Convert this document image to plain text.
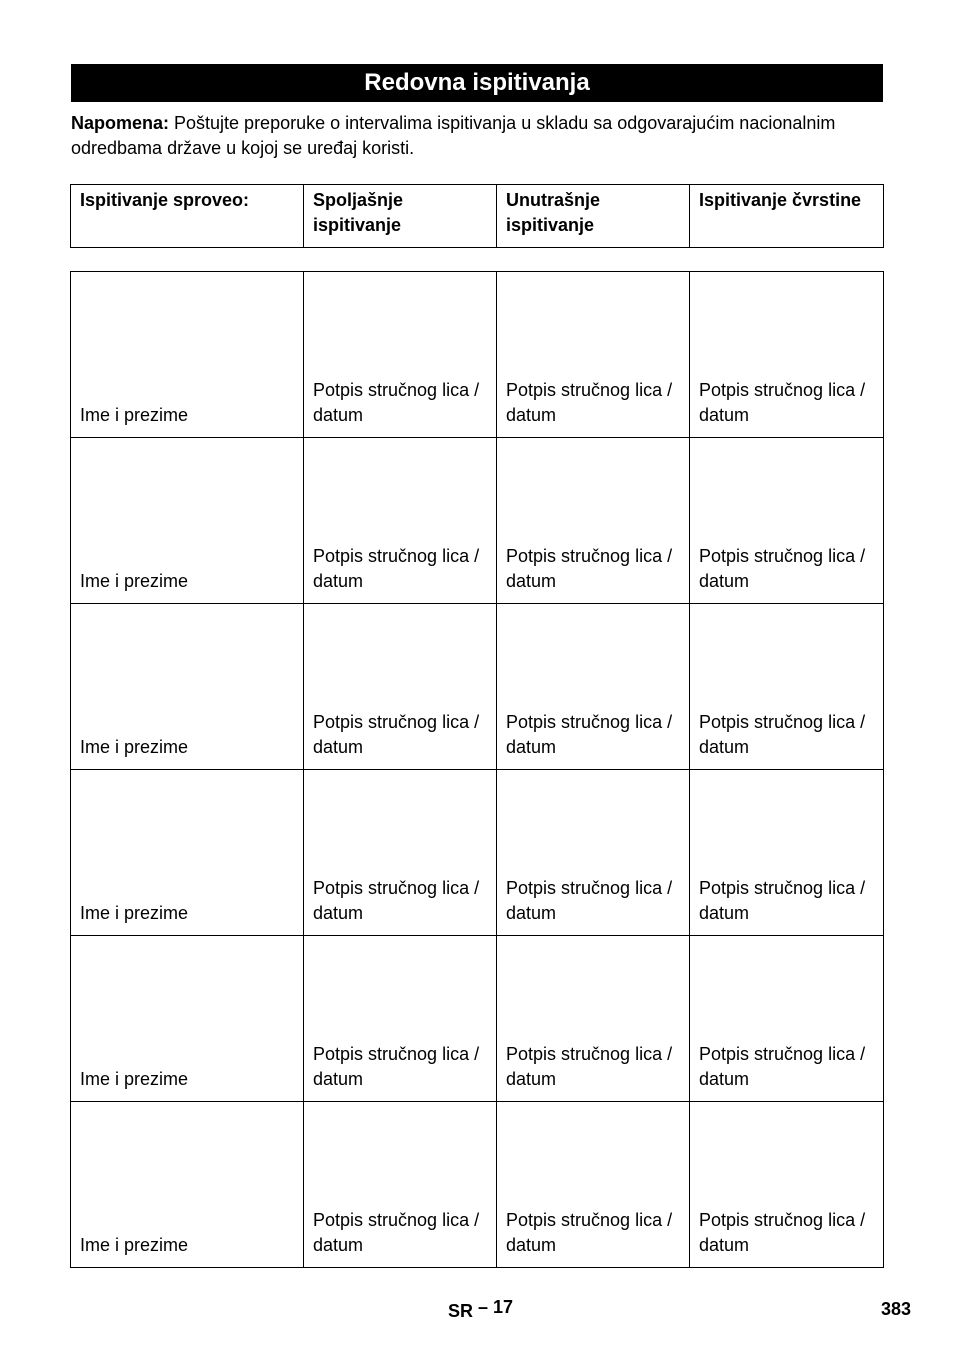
Redovna ispitivanja
Napomena: Poštujte preporuke o intervalima ispitivanja u skladu sa odgovarajućim nacionalnim odredbama države u kojoj se uređaj koristi.
Ispitivanje sproveo:	Spoljašnje ispitivanje	Unutrašnje ispitivanje	Ispitivanje čvrstine
Ime i prezime	Potpis stručnog lica / datum	Potpis stručnog lica / datum	Potpis stručnog lica / datum
Ime i prezime	Potpis stručnog lica / datum	Potpis stručnog lica / datum	Potpis stručnog lica / datum
Ime i prezime	Potpis stručnog lica / datum	Potpis stručnog lica / datum	Potpis stručnog lica / datum
Ime i prezime	Potpis stručnog lica / datum	Potpis stručnog lica / datum	Potpis stručnog lica / datum
Ime i prezime	Potpis stručnog lica / datum	Potpis stručnog lica / datum	Potpis stručnog lica / datum
Ime i prezime	Potpis stručnog lica / datum	Potpis stručnog lica / datum	Potpis stručnog lica / datum
SR – 17	383
